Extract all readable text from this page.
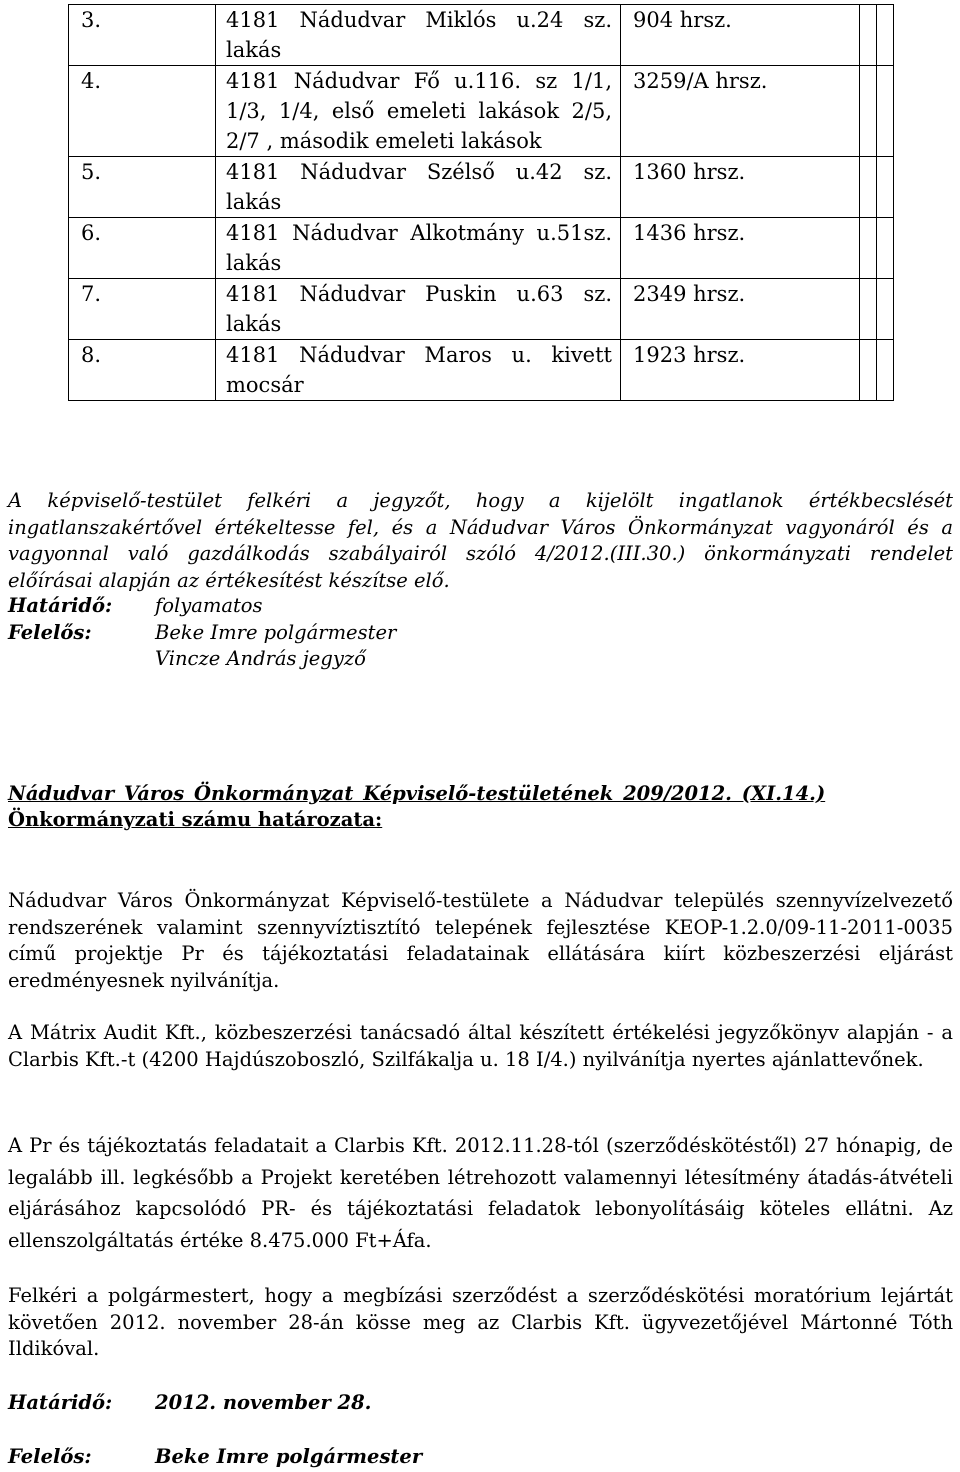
3.	4181 Nádudvar Miklós u.24 sz. lakás	904 hrsz.		
4.	4181 Nádudvar Fő u.116. sz 1/1, 1/3, 1/4, első emeleti lakások 2/5, 2/7 , második emeleti lakások	3259/A hrsz.		
5.	4181 Nádudvar Szélső u.42 sz. lakás	1360 hrsz.		
6.	4181 Nádudvar Alkotmány u.51sz. lakás	1436 hrsz.		
7.	4181 Nádudvar Puskin u.63 sz. lakás	2349 hrsz.		
8.	4181 Nádudvar Maros u. kivett mocsár	1923 hrsz.		
A képviselő-testület felkéri a jegyzőt, hogy a kijelölt ingatlanok értékbecslését ingatlanszakértővel értékeltesse fel, és a Nádudvar Város Önkormányzat vagyonáról és a vagyonnal való gazdálkodás szabályairól szóló 4/2012.(III.30.) önkormányzati rendelet előírásai alapján az értékesítést készítse elő.
Határidő:	folyamatos
Felelős:	Beke Imre polgármester
Vincze András jegyző
Nádudvar Város Önkormányzat Képviselő-testületének 209/2012. (XI.14.)
Önkormányzati számu határozata:
Nádudvar Város Önkormányzat Képviselő-testülete a Nádudvar település szennyvízelvezető rendszerének valamint szennyvíztisztító telepének fejlesztése KEOP-1.2.0/09-11-2011-0035 című projektje Pr és tájékoztatási feladatainak ellátására kiírt közbeszerzési eljárást eredményesnek nyilvánítja.
A Mátrix Audit Kft., közbeszerzési tanácsadó által készített értékelési jegyzőkönyv alapján - a Clarbis Kft.-t (4200 Hajdúszoboszló, Szilfákalja u. 18 I/4.) nyilvánítja nyertes ajánlattevőnek.
A Pr és tájékoztatás feladatait a Clarbis Kft. 2012.11.28-tól (szerződéskötéstől) 27 hónapig, de legalább ill. legkésőbb a Projekt keretében létrehozott valamennyi létesítmény átadás-átvételi eljárásához kapcsolódó PR- és tájékoztatási feladatok lebonyolításáig köteles ellátni. Az ellenszolgáltatás értéke 8.475.000 Ft+Áfa.
Felkéri a polgármestert, hogy a megbízási szerződést a szerződéskötési moratórium lejártát követően 2012. november 28-án kösse meg az Clarbis Kft. ügyvezetőjével Mártonné Tóth Ildikóval.
Határidő:	2012. november 28.
Felelős:	Beke Imre polgármester
